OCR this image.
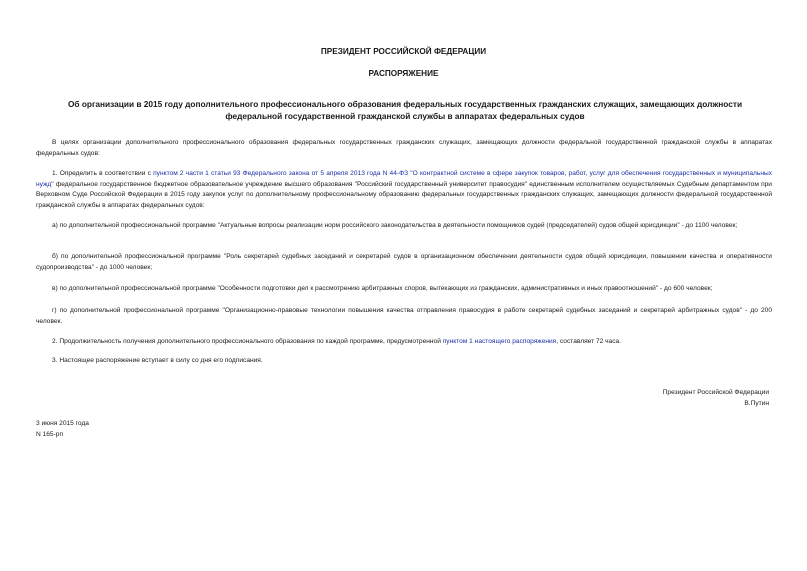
ПРЕЗИДЕНТ РОССИЙСКОЙ ФЕДЕРАЦИИ
РАСПОРЯЖЕНИЕ
Об организации в 2015 году дополнительного профессионального образования федеральных государственных гражданских служащих, замещающих должности
федеральной государственной гражданской службы в аппаратах федеральных судов
В целях организации дополнительного профессионального образования федеральных государственных гражданских служащих, замещающих должности федеральной государственной гражданской службы в аппаратах федеральных судов:
1. Определить в соответствии с пунктом 2 части 1 статьи 93 Федерального закона от 5 апреля 2013 года N 44-ФЗ "О контрактной системе в сфере закупок товаров, работ, услуг для обеспечения государственных и муниципальных нужд" федеральное государственное бюджетное образовательное учреждение высшего образования "Российский государственный университет правосудия" единственным исполнителем осуществляемых Судебным департаментом при Верховном Суде Российской Федерации в 2015 году закупок услуг по дополнительному профессиональному образованию федеральных государственных гражданских служащих, замещающих должности федеральной государственной гражданской службы в аппаратах федеральных судов:
а) по дополнительной профессиональной программе "Актуальные вопросы реализации норм российского законодательства в деятельности помощников судей (председателей) судов общей юрисдикции" - до 1100 человек;
б) по дополнительной профессиональной программе "Роль секретарей судебных заседаний и секретарей судов в организационном обеспечении деятельности судов общей юрисдикции, повышении качества и оперативности судопроизводства" - до 1000 человек;
в) по дополнительной профессиональной программе "Особенности подготовки дел к рассмотрению арбитражных споров, вытекающих из гражданских, административных и иных правоотношений" - до 600 человек;
г) по дополнительной профессиональной программе "Организационно-правовые технологии повышения качества отправления правосудия в работе секретарей судебных заседаний и секретарей арбитражных судов" - до 200 человек.
2. Продолжительность получения дополнительного профессионального образования по каждой программе, предусмотренной пунктом 1 настоящего распоряжения, составляет 72 часа.
3. Настоящее распоряжение вступает в силу со дня его подписания.
Президент Российской Федерации
В.Путин
3 июня 2015 года
N 165-рп
